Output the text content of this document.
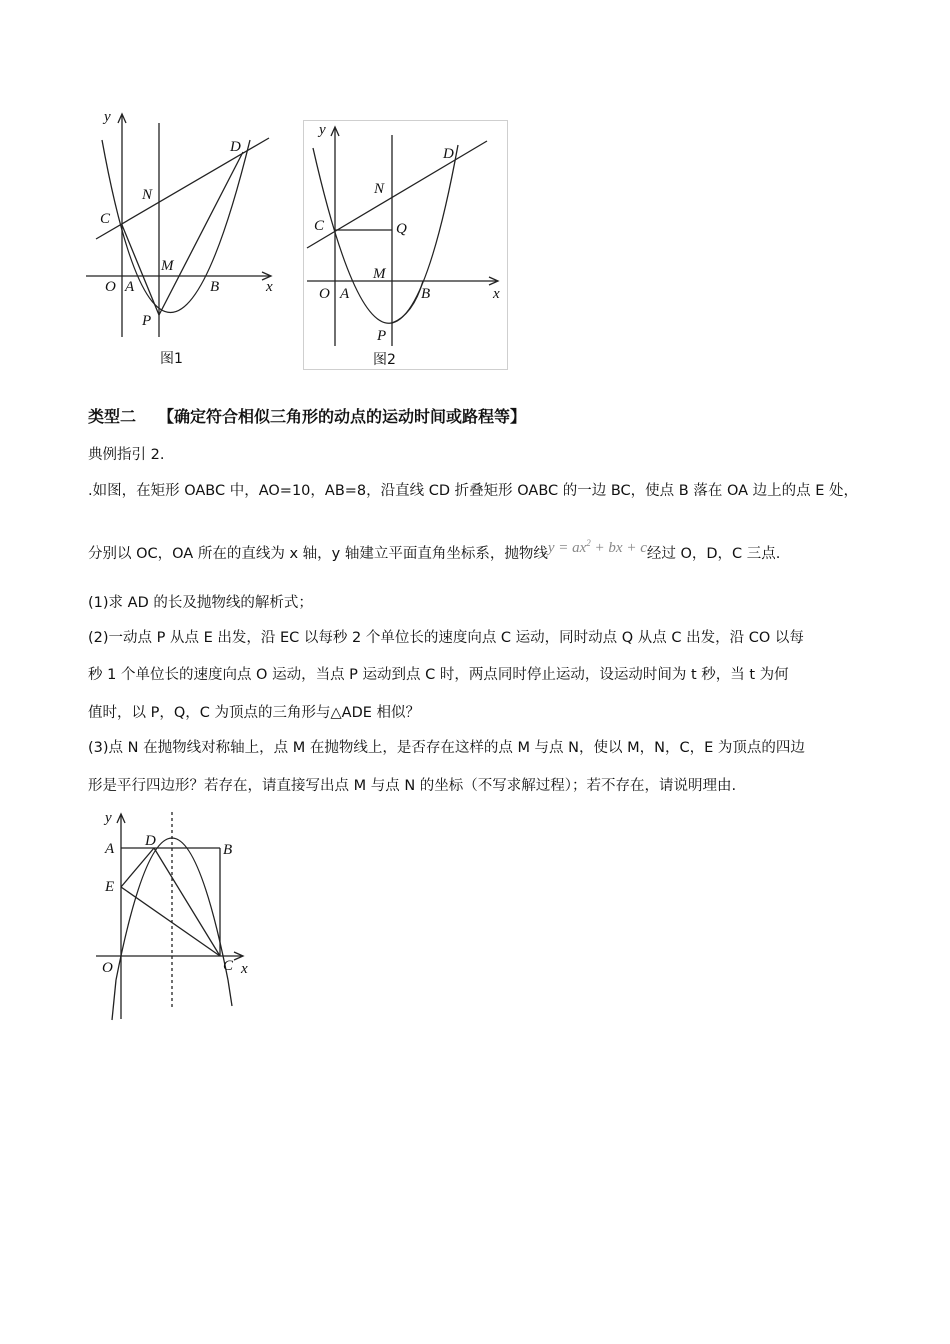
y
x
O A	B
C
D
N
M
P
图1
y
x
O A	B
C
D
N
M
P
Q
图2
类型二 【确定符合相似三角形的动点的运动时间或路程等】
典例指引 2.
.如图，在矩形 OABC 中，AO=10，AB=8，沿直线 CD 折叠矩形 OABC 的一边 BC，使点 B 落在 OA 边上的点 E 处，
分别以 OC，OA 所在的直线为 x 轴，y 轴建立平面直角坐标系，抛物线$y = ax^2$ + bx + c经过 O，D，C 三点.
(1)求 AD 的长及抛物线的解析式；
(2)一动点 P 从点 E 出发，沿 EC 以每秒 2 个单位长的速度向点 C 运动，同时动点 Q 从点 C 出发，沿 CO 以每
秒 1 个单位长的速度向点 O 运动，当点 P 运动到点 C 时，两点同时停止运动，设运动时间为 t 秒，当 t 为何
值时，以 P，Q，C 为顶点的三角形与△ADE 相似？
(3)点 N 在抛物线对称轴上，点 M 在抛物线上，是否存在这样的点 M 与点 N，使以 M，N，C，E 为顶点的四边
形是平行四边形？若存在，请直接写出点 M 与点 N 的坐标（不写求解过程）；若不存在，请说明理由.
y
x
O	C
A
E
D
B
